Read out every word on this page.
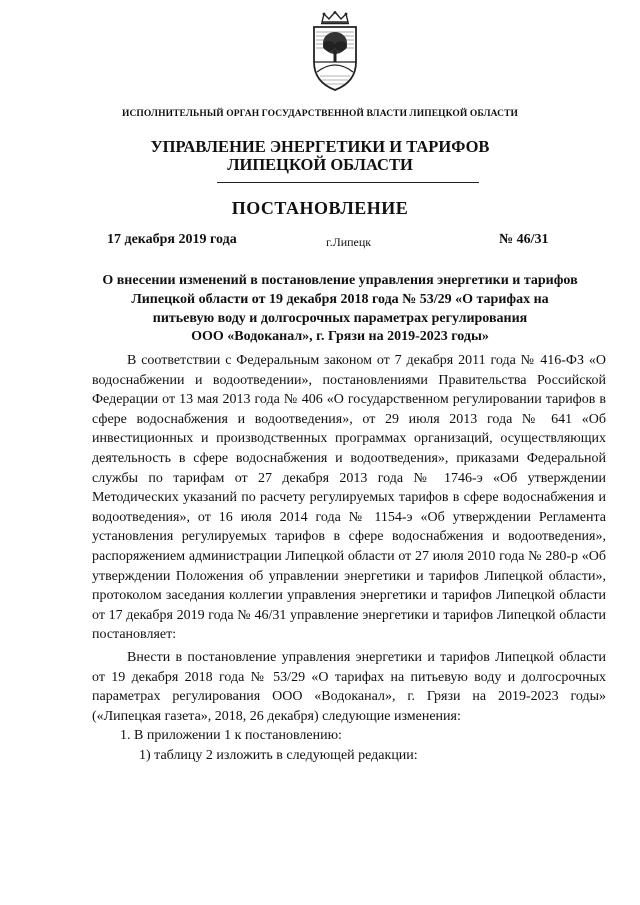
ИСПОЛНИТЕЛЬНЫЙ ОРГАН ГОСУДАРСТВЕННОЙ ВЛАСТИ ЛИПЕЦКОЙ ОБЛАСТИ
УПРАВЛЕНИЕ ЭНЕРГЕТИКИ И ТАРИФОВ
ЛИПЕЦКОЙ ОБЛАСТИ
ПОСТАНОВЛЕНИЕ
17 декабря 2019 года	г.Липецк	№ 46/31
О внесении изменений в постановление управления энергетики и тарифов
Липецкой области от 19 декабря 2018 года № 53/29 «О тарифах на
питьевую воду и долгосрочных параметрах регулирования
ООО «Водоканал», г. Грязи на 2019-2023 годы»

В соответствии с Федеральным законом от 7 декабря 2011 года № 416-ФЗ «О водоснабжении и водоотведении», постановлениями Правительства Российской Федерации от 13 мая 2013 года № 406 «О государственном регулировании тарифов в сфере водоснабжения и водоотведения», от 29 июля 2013 года № 641 «Об инвестиционных и производственных программах организаций, осуществляющих деятельность в сфере водоснабжения и водоотведения», приказами Федеральной службы по тарифам от 27 декабря 2013 года № 1746-э «Об утверждении Методических указаний по расчету регулируемых тарифов в сфере водоснабжения и водоотведения», от 16 июля 2014 года № 1154-э «Об утверждении Регламента установления регулируемых тарифов в сфере водоснабжения и водоотведения», распоряжением администрации Липецкой области от 27 июля 2010 года № 280-р «Об утверждении Положения об управлении энергетики и тарифов Липецкой области», протоколом заседания коллегии управления энергетики и тарифов Липецкой области от 17 декабря 2019 года № 46/31 управление энергетики и тарифов Липецкой области постановляет:

Внести в постановление управления энергетики и тарифов Липецкой области от 19 декабря 2018 года № 53/29 «О тарифах на питьевую воду и долгосрочных параметрах регулирования ООО «Водоканал», г. Грязи на 2019-2023 годы» («Липецкая газета», 2018, 26 декабря) следующие изменения:

1. В приложении 1 к постановлению:

1) таблицу 2 изложить в следующей редакции:
